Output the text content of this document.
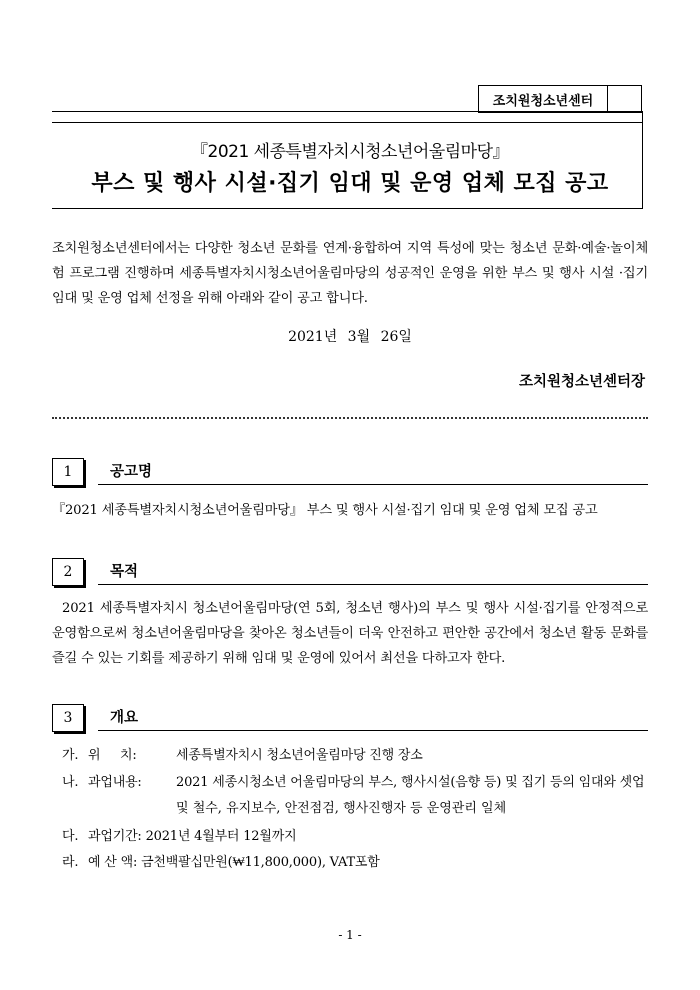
조치원청소년센터
『2021 세종특별자치시청소년어울림마당』
부스 및 행사 시설·집기 임대 및 운영 업체 모집 공고
조치원청소년센터에서는 다양한 청소년 문화를 연계·융합하여 지역 특성에 맞는 청소년 문화·예술·놀이체험 프로그램 진행하며 세종특별자치시청소년어울림마당의 성공적인 운영을 위한 부스 및 행사 시설 ·집기 임대 및 운영 업체 선정을 위해 아래와 같이 공고 합니다.
2021년 3월 26일
조치원청소년센터장
1	공고명
『2021 세종특별자치시청소년어울림마당』 부스 및 행사 시설·집기 임대 및 운영 업체 모집 공고
2	목적
2021 세종특별자치시 청소년어울림마당(연 5회, 청소년 행사)의 부스 및 행사 시설·집기를 안정적으로 운영함으로써 청소년어울림마당을 찾아온 청소년들이 더욱 안전하고 편안한 공간에서 청소년 활동 문화를 즐길 수 있는 기회를 제공하기 위해 임대 및 운영에 있어서 최선을 다하고자 한다.
3	개요
가. 위     치:	세종특별자치시 청소년어울림마당 진행 장소
나. 과업내용:	2021 세종시청소년 어울림마당의 부스, 행사시설(음향 등) 및 집기 등의 임대와 셋업
및 철수, 유지보수, 안전점검, 행사진행자 등 운영관리 일체
다. 과업기간:
2021년 4월부터 12월까지
라. 예 산 액:
금천백팔십만원(₩11,800,000), VAT포함
- 1 -
